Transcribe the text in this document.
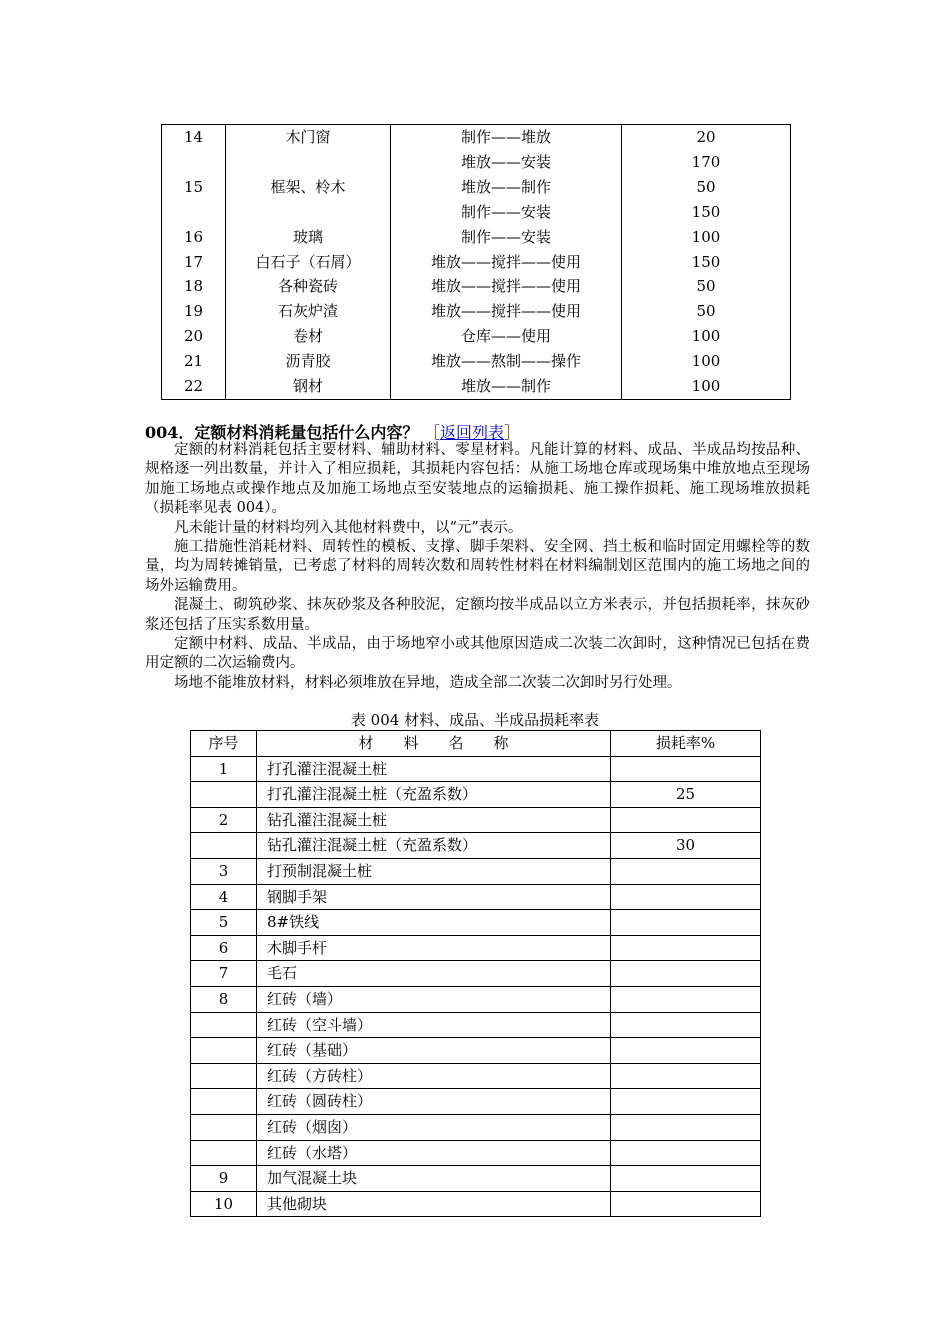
14	木门窗	制作——堆放	20
		堆放——安装	170
15	框架、柃木	堆放——制作	50
		制作——安装	150
16	玻璃	制作——安装	100
17	白石子（石屑）	堆放——搅拌——使用	150
18	各种瓷砖	堆放——搅拌——使用	50
19	石灰炉渣	堆放——搅拌——使用	50
20	卷材	仓库——使用	100
21	沥青胶	堆放——熬制——操作	100
22	钢材	堆放——制作	100
004．定额材料消耗量包括什么内容？ ［返回列表］

定额的材料消耗包括主要材料、辅助材料、零星材料。凡能计算的材料、成品、半成品均按品种、规格逐一列出数量，并计入了相应损耗，其损耗内容包括：从施工场地仓库或现场集中堆放地点至现场加施工场地点或操作地点及加施工场地点至安装地点的运输损耗、施工操作损耗、施工现场堆放损耗（损耗率见表 004）。

凡未能计量的材料均列入其他材料费中，以“元”表示。

施工措施性消耗材料、周转性的模板、支撑、脚手架料、安全网、挡土板和临时固定用螺栓等的数量，均为周转摊销量，已考虑了材料的周转次数和周转性材料在材料编制划区范围内的施工场地之间的场外运输费用。

混凝土、砌筑砂浆、抹灰砂浆及各种胶泥，定额均按半成品以立方米表示，并包括损耗率，抹灰砂浆还包括了压实系数用量。

定额中材料、成品、半成品，由于场地窄小或其他原因造成二次装二次卸时，这种情况已包括在费用定额的二次运输费内。

场地不能堆放材料，材料必须堆放在异地，造成全部二次装二次卸时另行处理。

表 004 材料、成品、半成品损耗率表
序号	材　　料　　名　　称	损耗率%
1	打孔灌注混凝土桩	
	打孔灌注混凝土桩（充盈系数）	25
2	钻孔灌注混凝土桩	
	钻孔灌注混凝土桩（充盈系数）	30
3	打预制混凝土桩	
4	钢脚手架	
5	8#铁线	
6	木脚手杆	
7	毛石	
8	红砖（墙）	
	红砖（空斗墙）	
	红砖（基础）	
	红砖（方砖柱）	
	红砖（圆砖柱）	
	红砖（烟囱）	
	红砖（水塔）	
9	加气混凝土块	
10	其他砌块	
